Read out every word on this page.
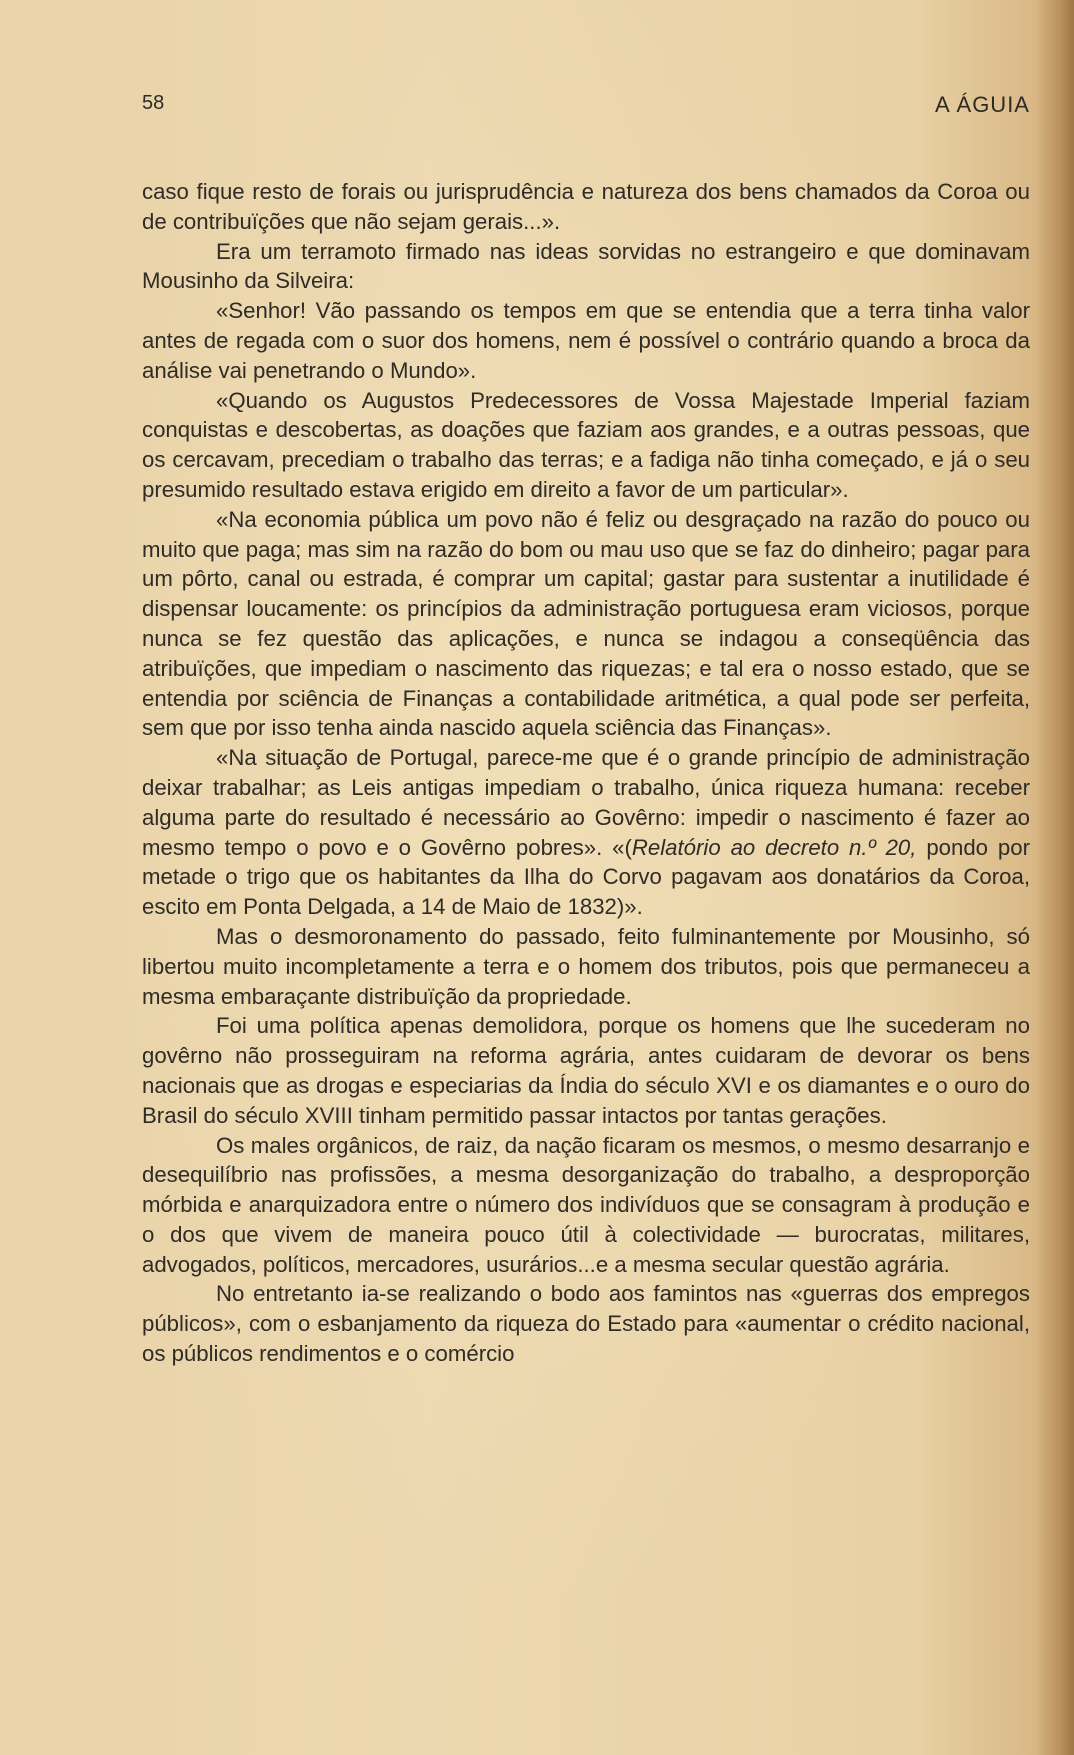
58	A ÁGUIA

caso fique resto de forais ou jurisprudência e natureza dos bens chamados da Coroa ou de contribuïções que não sejam gerais...».

Era um terramoto firmado nas ideas sorvidas no estrangeiro e que dominavam Mousinho da Silveira:

«Senhor! Vão passando os tempos em que se entendia que a terra tinha valor antes de regada com o suor dos homens, nem é possível o contrário quando a broca da análise vai penetrando o Mundo».

«Quando os Augustos Predecessores de Vossa Majestade Imperial faziam conquistas e descobertas, as doações que faziam aos grandes, e a outras pessoas, que os cercavam, precediam o trabalho das terras; e a fadiga não tinha começado, e já o seu presumido resultado estava erigido em direito a favor de um particular».

«Na economia pública um povo não é feliz ou desgraçado na razão do pouco ou muito que paga; mas sim na razão do bom ou mau uso que se faz do dinheiro; pagar para um pôrto, canal ou estrada, é comprar um capital; gastar para sustentar a inutilidade é dispensar loucamente: os princípios da administração portuguesa eram viciosos, porque nunca se fez questão das aplicações, e nunca se indagou a conseqüência das atribuïções, que impediam o nascimento das riquezas; e tal era o nosso estado, que se entendia por sciência de Finanças a contabilidade aritmética, a qual pode ser perfeita, sem que por isso tenha ainda nascido aquela sciência das Finanças».

«Na situação de Portugal, parece-me que é o grande princípio de administração deixar trabalhar; as Leis antigas impediam o trabalho, única riqueza humana: receber alguma parte do resultado é necessário ao Govêrno: impedir o nascimento é fazer ao mesmo tempo o povo e o Govêrno pobres». «(Relatório ao decreto n.º 20, pondo por metade o trigo que os habitantes da Ilha do Corvo pagavam aos donatários da Coroa, escito em Ponta Delgada, a 14 de Maio de 1832)».

Mas o desmoronamento do passado, feito fulminantemente por Mousinho, só libertou muito incompletamente a terra e o homem dos tributos, pois que permaneceu a mesma embaraçante distribuïção da propriedade.

Foi uma política apenas demolidora, porque os homens que lhe sucederam no govêrno não prosseguiram na reforma agrária, antes cuidaram de devorar os bens nacionais que as drogas e especiarias da Índia do século XVI e os diamantes e o ouro do Brasil do século XVIII tinham permitido passar intactos por tantas gerações.

Os males orgânicos, de raiz, da nação ficaram os mesmos, o mesmo desarranjo e desequilíbrio nas profissões, a mesma desorganização do trabalho, a desproporção mórbida e anarquizadora entre o número dos indivíduos que se consagram à produção e o dos que vivem de maneira pouco útil à colectividade — burocratas, militares, advogados, políticos, mercadores, usurários...e a mesma secular questão agrária.

No entretanto ia-se realizando o bodo aos famintos nas «guerras dos empregos públicos», com o esbanjamento da riqueza do Estado para «aumentar o crédito nacional, os públicos rendimentos e o comércio
